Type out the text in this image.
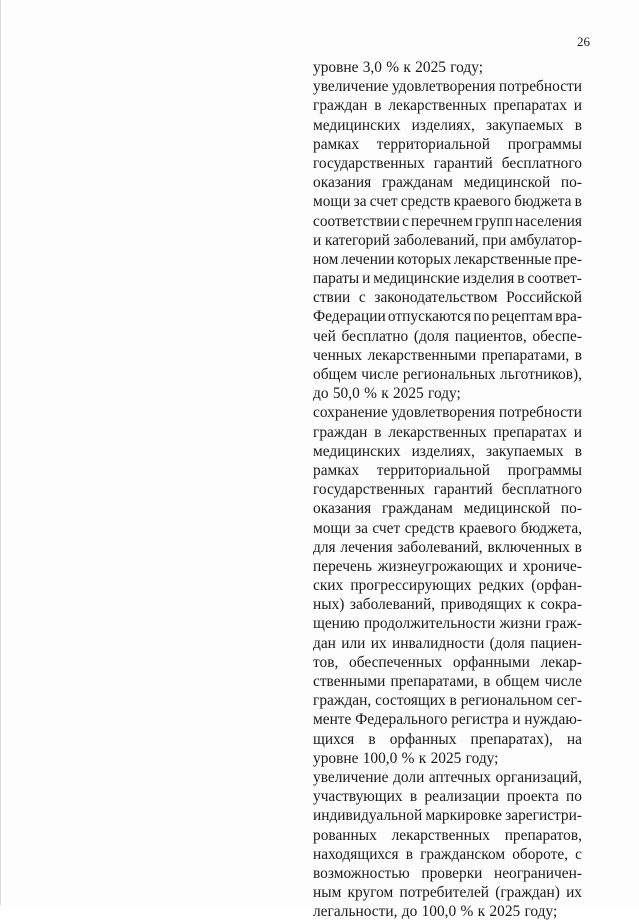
26
уровне 3,0 % к 2025 году;
увеличение удовлетворения потребности
граждан в лекарственных препаратах и
медицинских изделиях, закупаемых в
рамках территориальной программы
государственных гарантий бесплатного
оказания гражданам медицинской по-
мощи за счет средств краевого бюджета в
соответствии с перечнем групп населения
и категорий заболеваний, при амбулатор-
ном лечении которых лекарственные пре-
параты и медицинские изделия в соответ-
ствии с законодательством Российской
Федерации отпускаются по рецептам вра-
чей бесплатно (доля пациентов, обеспе-
ченных лекарственными препаратами, в
общем числе региональных льготников),
до 50,0 % к 2025 году;
сохранение удовлетворения потребности
граждан в лекарственных препаратах и
медицинских изделиях, закупаемых в
рамках территориальной программы
государственных гарантий бесплатного
оказания гражданам медицинской по-
мощи за счет средств краевого бюджета,
для лечения заболеваний, включенных в
перечень жизнеугрожающих и хрониче-
ских прогрессирующих редких (орфан-
ных) заболеваний, приводящих к сокра-
щению продолжительности жизни граж-
дан или их инвалидности (доля пациен-
тов, обеспеченных орфанными лекар-
ственными препаратами, в общем числе
граждан, состоящих в региональном сег-
менте Федерального регистра и нуждаю-
щихся в орфанных препаратах), на
уровне 100,0 % к 2025 году;
увеличение доли аптечных организаций,
участвующих в реализации проекта по
индивидуальной маркировке зарегистри-
рованных лекарственных препаратов,
находящихся в гражданском обороте, с
возможностью проверки неограничен-
ным кругом потребителей (граждан) их
легальности, до 100,0 % к 2025 году;
